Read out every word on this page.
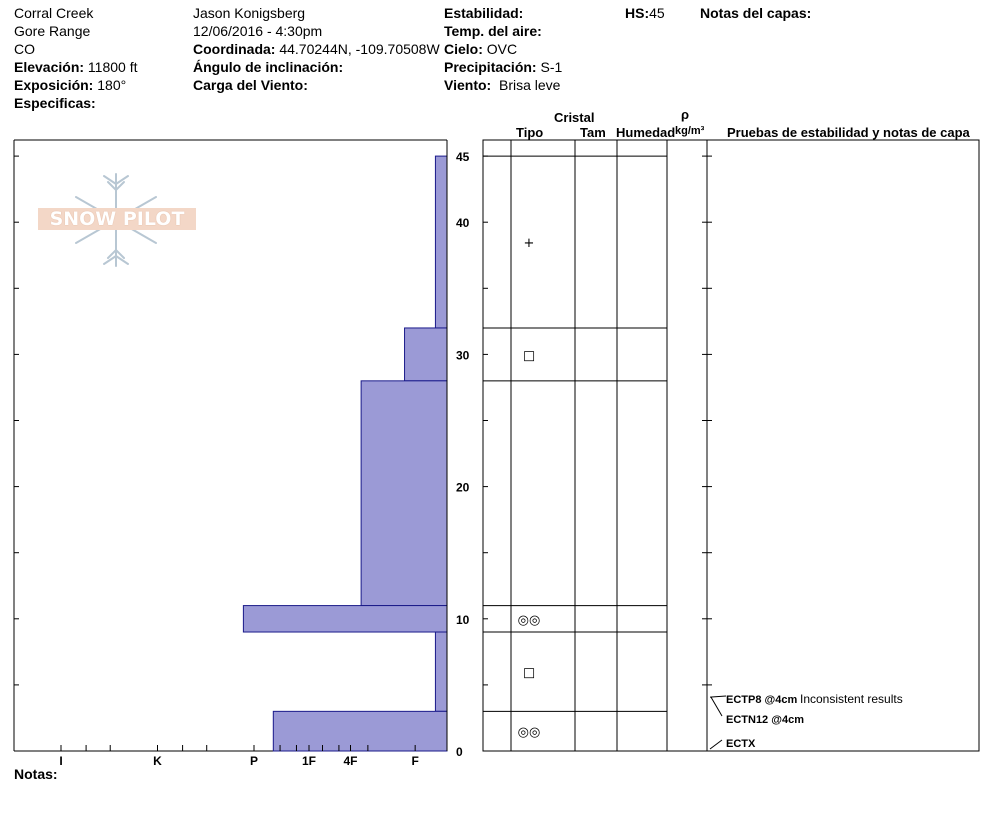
Corral Creek
Gore Range
CO
Elevación: 11800 ft
Exposición: 180°
Especificas:
Jason Konigsberg
12/06/2016 - 4:30pm
Coordinada: 44.70244N, -109.70508W
Ángulo de inclinación:
Carga del Viento:
Estabilidad:
Temp. del aire:
Cielo: OVC
Precipitación: S-1
Viento: Brisa leve
HS:45	Notas del capas:
SNOW PILOT
0
10
20
30
40
45
I	K	P	1F 4F	F
+
□
◎◎
□
◎◎
ECTP8 @4cm Inconsistent results
ECTN12 @4cm
ECTX
Cristal
Tipo	Tam Humedad
ρ
kg/m³ Pruebas de estabilidad y notas de capa
Notas:
